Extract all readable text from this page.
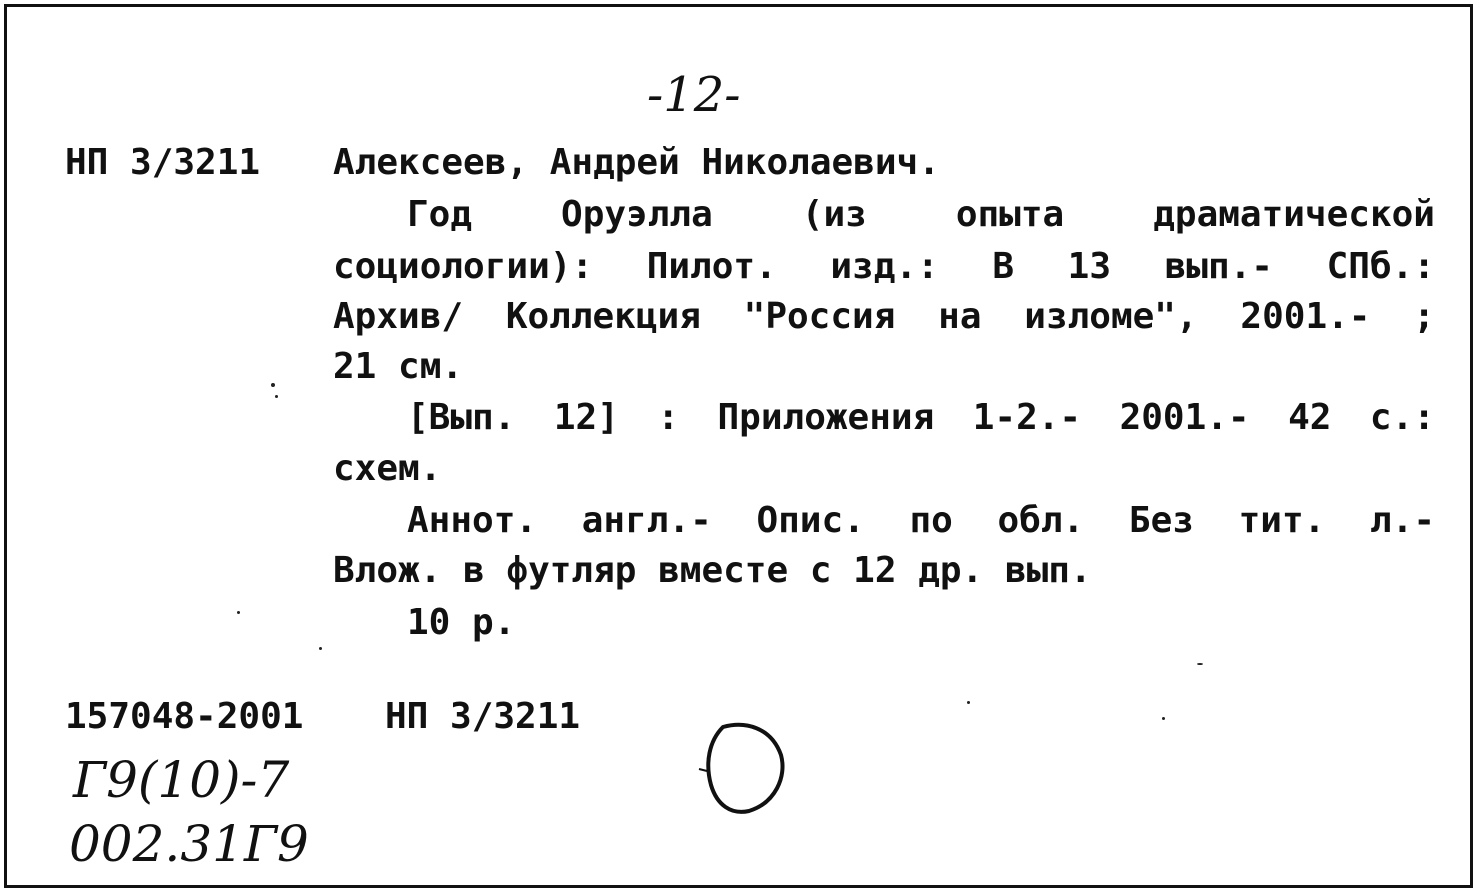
-12-
НП 3/3211 Алексеев, Андрей Николаевич.
Год Оруэлла (из опыта драматической
социологии): Пилот. изд.: В 13 вып.- СПб.:
Архив/ Коллекция "Россия на изломе", 2001.- ;
21 см.
[Вып. 12] : Приложения 1-2.- 2001.- 42 с.:
схем.
Аннот. англ.- Опис. по обл. Без тит. л.-
Влож. в футляр вместе с 12 др. вып.
10 р.
157048-2001 НП 3/3211
Г9(10)-7
002.31Г9
